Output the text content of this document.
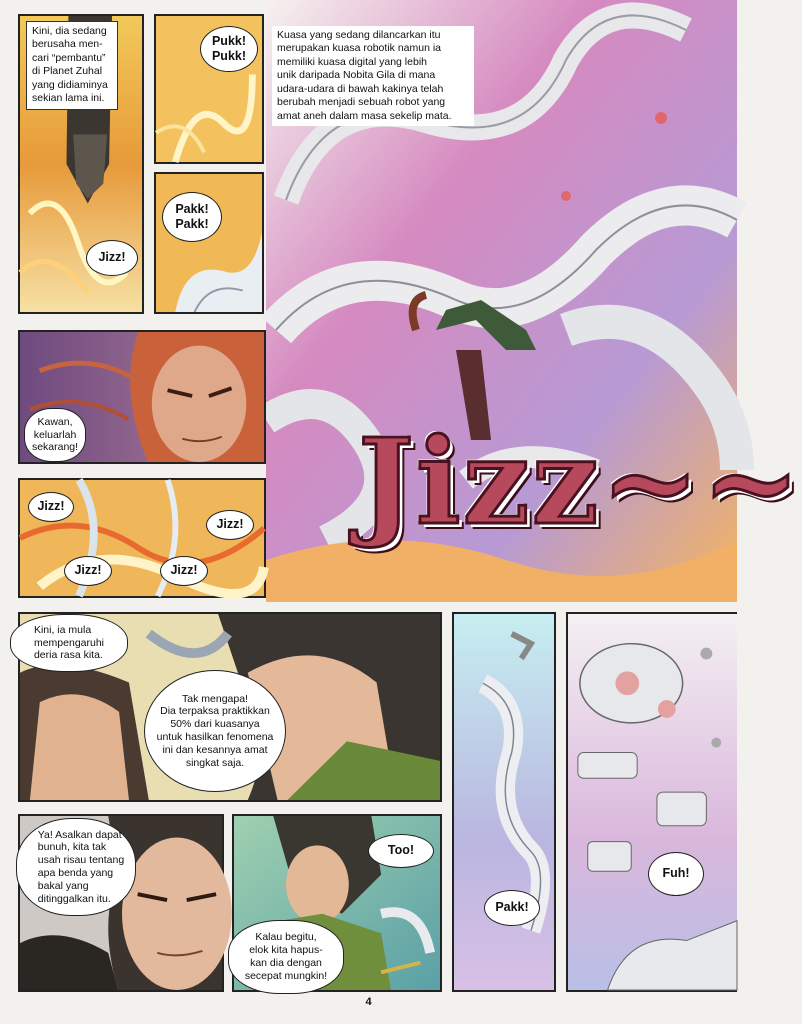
Kini, dia sedang
berusaha men-
cari “pembantu”
di Planet Zuhal
yang didiaminya
sekian lama ini.
Jizz!
Pukk!
Pukk!
Pakk!
Pakk!
Kuasa yang sedang dilancarkan itu
merupakan kuasa robotik namun ia
memiliki kuasa digital yang lebih
unik daripada Nobita Gila di mana
udara-udara di bawah kakinya telah
berubah menjadi sebuah robot yang
amat aneh dalam masa sekelip mata.
Jizz~~
Kawan,
keluarlah
sekarang!
Jizz!
Jizz!
Jizz!	Jizz!
Kini, ia mula
mempengaruhi
deria rasa kita.
Tak mengapa!
Dia terpaksa praktikkan
50% dari kuasanya
untuk hasilkan fenomena
ini dan kesannya amat
singkat saja.
Pakk!
Fuh!
Ya! Asalkan dapat
bunuh, kita tak
usah risau tentang
apa benda yang
bakal yang
ditinggalkan itu.
Too!
Kalau begitu,
elok kita hapus-
kan dia dengan
secepat mungkin!
4
